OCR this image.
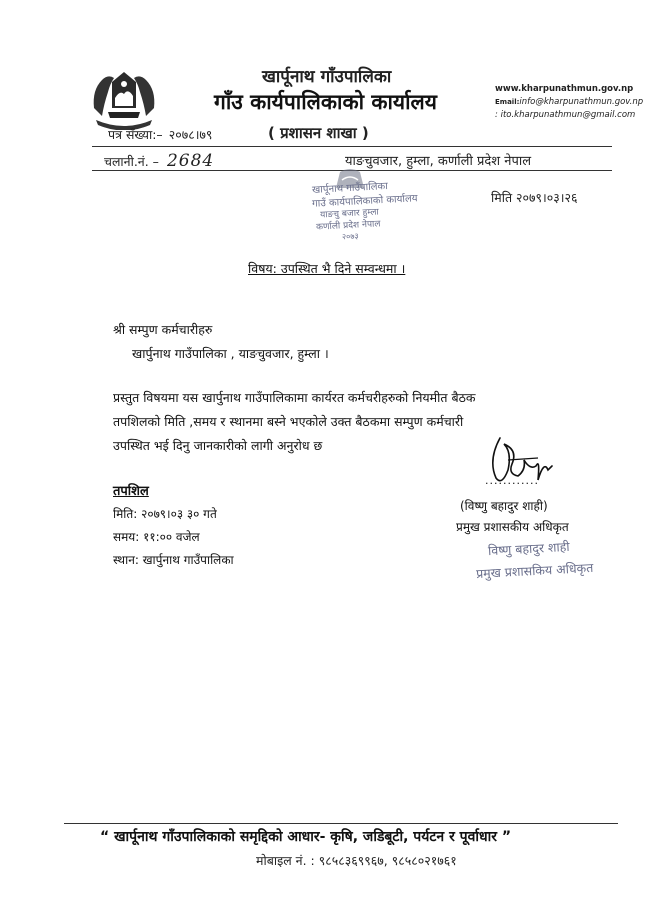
खार्पूनाथ गाँउपालिका
गाँउ कार्यपालिकाको कार्यालय
( प्रशासन शाखा )
www.kharpunathmun.gov.np
Email:info@kharpunathmun.gov.np
: ito.kharpunathmun@gmail.com
पत्र सँख्या:– २०७८।७९
चलानी.नं. – 2684	याङचुवजार, हुम्ला, कर्णाली प्रदेश नेपाल
खार्पूनाथ गाउँपालिका
गाउँ कार्यपालिकाको कार्यालय
याङचु बजार हुम्ला
कर्णाली प्रदेश नेपाल
२०७३
मिति २०७९।०३।२६
विषय: उपस्थित भै दिने सम्वन्धमा ।
श्री सम्पुण कर्मचारीहरु
खार्पुनाथ गाउँपालिका , याङचुवजार, हुम्ला ।
प्रस्तुत विषयमा यस खार्पुनाथ गाउँपालिकामा कार्यरत कर्मचरीहरुको नियमीत बैठक
तपशिलको मिति ,समय र स्थानमा बस्ने भएकोले उक्त बैठकमा सम्पुण कर्मचारी
उपस्थित भई दिनु जानकारीको लागी अनुरोध छ
तपशिल
मिति: २०७९।०३ ३० गते
समय: ११:०० वजेल
स्थान: खार्पुनाथ गाउँपालिका
............
(विष्णु बहादुर शाही)
प्रमुख प्रशासकीय अधिकृत
विष्णु बहादुर शाही
प्रमुख प्रशासकिय अधिकृत
“ खार्पूनाथ गाँउपालिकाको समृद्दिको आधार- कृषि, जडिबूटी, पर्यटन र पूर्वाधार ”
मोबाइल नं. : ९८५८३६९९६७, ९८५८०२१७६१
